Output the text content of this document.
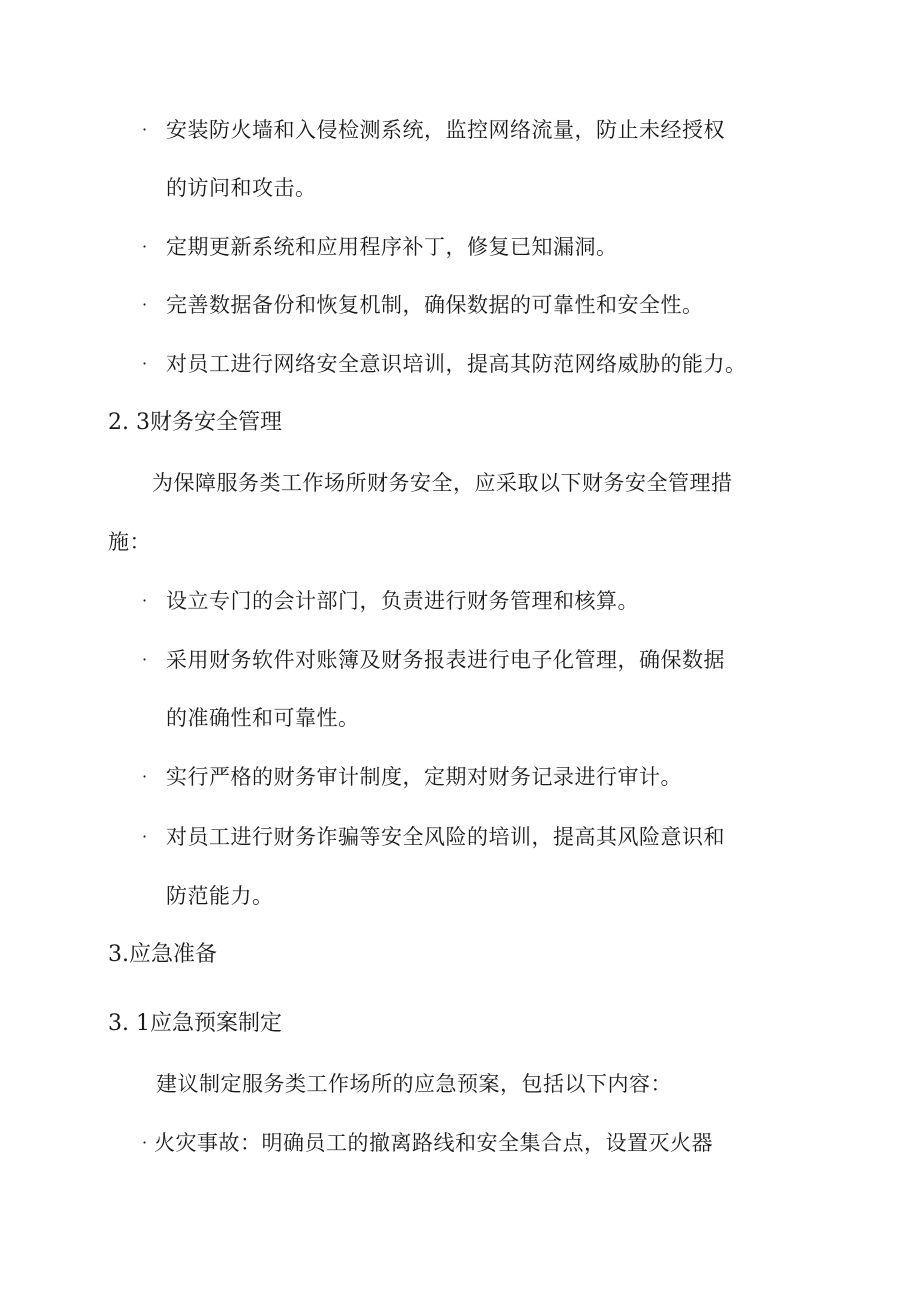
· 安装防火墙和入侵检测系统，监控网络流量，防止未经授权
的访问和攻击。
· 定期更新系统和应用程序补丁，修复已知漏洞。
· 完善数据备份和恢复机制，确保数据的可靠性和安全性。
· 对员工进行网络安全意识培训，提高其防范网络威胁的能力。
2. 3财务安全管理
为保障服务类工作场所财务安全，应采取以下财务安全管理措
施：
· 设立专门的会计部门，负责进行财务管理和核算。
· 采用财务软件对账簿及财务报表进行电子化管理，确保数据
的准确性和可靠性。
· 实行严格的财务审计制度，定期对财务记录进行审计。
· 对员工进行财务诈骗等安全风险的培训，提高其风险意识和
防范能力。
3.应急准备
3. 1应急预案制定
建议制定服务类工作场所的应急预案，包括以下内容：
· 火灾事故：明确员工的撤离路线和安全集合点，设置灭火器
